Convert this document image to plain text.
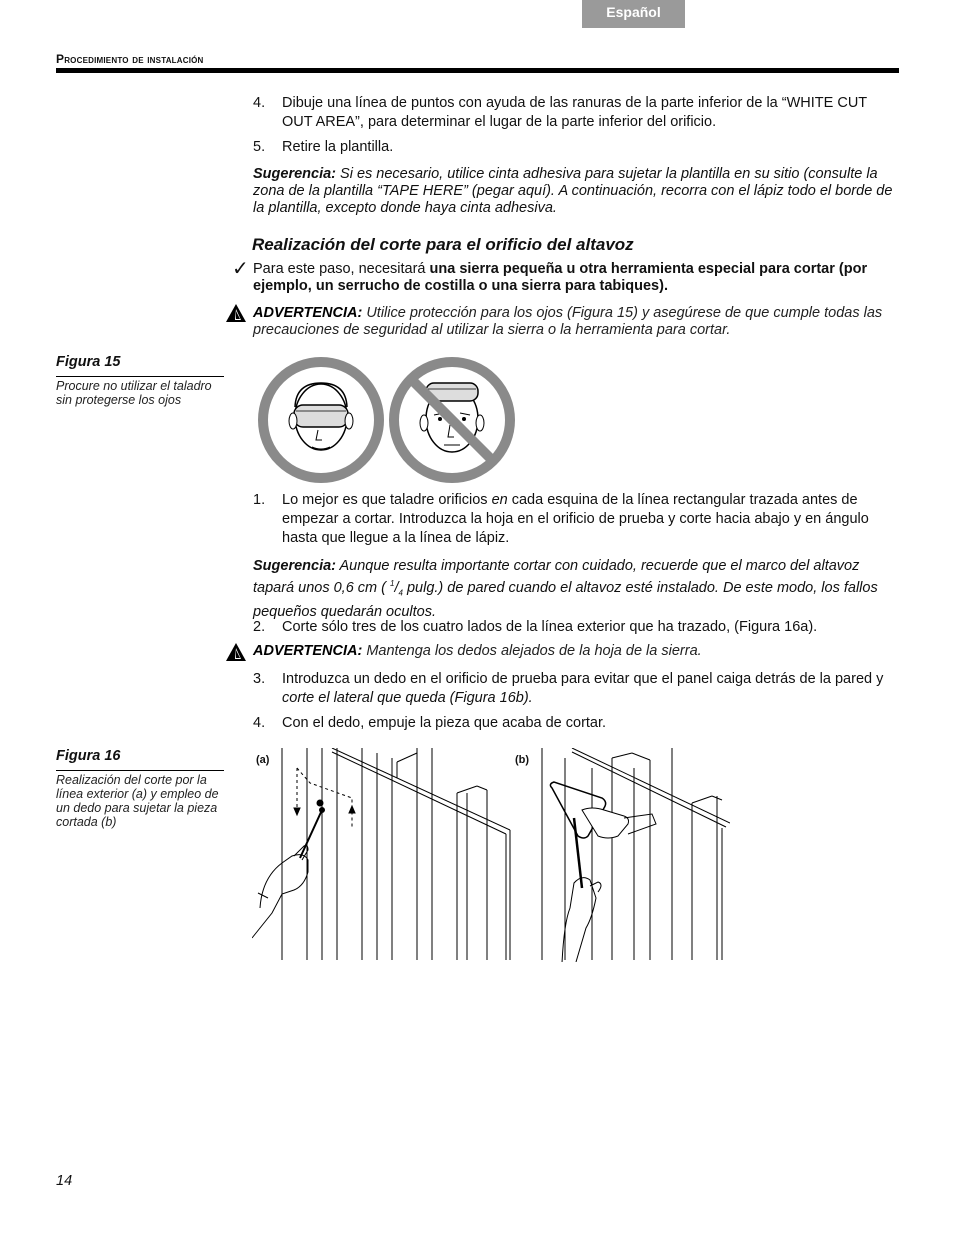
Español
Procedimiento de instalación
4. Dibuje una línea de puntos con ayuda de las ranuras de la parte inferior de la “WHITE CUT OUT AREA”, para determinar el lugar de la parte inferior del orificio.
5. Retire la plantilla.
Sugerencia: Si es necesario, utilice cinta adhesiva para sujetar la plantilla en su sitio (consulte la zona de la plantilla “TAPE HERE” (pegar aquí). A continuación, recorra con el lápiz todo el borde de la plantilla, excepto donde haya cinta adhesiva.
Realización del corte para el orificio del altavoz
✓ Para este paso, necesitará una sierra pequeña u otra herramienta especial para cortar (por ejemplo, un serrucho de costilla o una sierra para tabiques).
ADVERTENCIA: Utilice protección para los ojos (Figura 15) y asegúrese de que cumple todas las precauciones de seguridad al utilizar la sierra o la herramienta para cortar.
Figura 15
Procure no utilizar el taladro sin protegerse los ojos
1. Lo mejor es que taladre orificios en cada esquina de la línea rectangular trazada antes de empezar a cortar. Introduzca la hoja en el orificio de prueba y corte hacia abajo y en ángulo hasta que llegue a la línea de lápiz.
Sugerencia: Aunque resulta importante cortar con cuidado, recuerde que el marco del altavoz tapará unos 0,6 cm ( $^1/_4$ pulg.) de pared cuando el altavoz esté instalado. De este modo, los fallos pequeños quedarán ocultos.
2. Corte sólo tres de los cuatro lados de la línea exterior que ha trazado, (Figura 16a).
ADVERTENCIA: Mantenga los dedos alejados de la hoja de la sierra.
3. Introduzca un dedo en el orificio de prueba para evitar que el panel caiga detrás de la pared y corte el lateral que queda (Figura 16b).
4. Con el dedo, empuje la pieza que acaba de cortar.
Figura 16
Realización del corte por la línea exterior (a) y empleo de un dedo para sujetar la pieza cortada (b)
(a)	(b)
14
